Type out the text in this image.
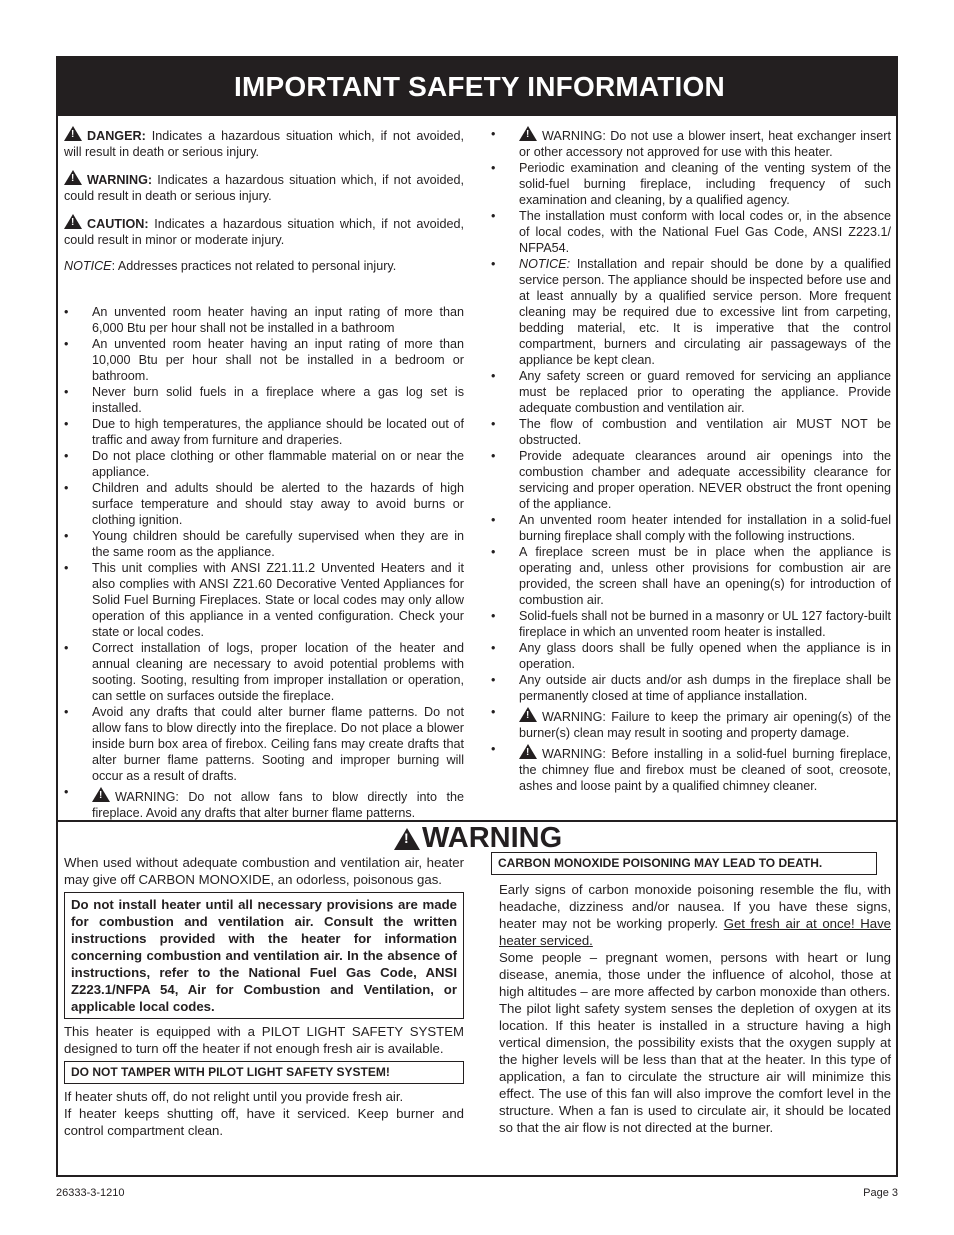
IMPORTANT SAFETY INFORMATION

!DANGER: Indicates a hazardous situation which, if not avoided, will result in death or serious injury.

!WARNING: Indicates a hazardous situation which, if not avoided, could result in death or serious injury.

!CAUTION: Indicates a hazardous situation which, if not avoided, could result in minor or moderate injury.

NOTICE: Addresses practices not related to personal injury.

• An unvented room heater having an input rating of more than 6,000 Btu per hour shall not be installed in a bathroom
• An unvented room heater having an input rating of more than 10,000 Btu per hour shall not be installed in a bedroom or bathroom.
• Never burn solid fuels in a fireplace where a gas log set is installed.
• Due to high temperatures, the appliance should be located out of traffic and away from furniture and draperies.
• Do not place clothing or other flammable material on or near the appliance.
• Children and adults should be alerted to the hazards of high surface temperature and should stay away to avoid burns or clothing ignition.
• Young children should be carefully supervised when they are in the same room as the appliance.
• This unit complies with ANSI Z21.11.2 Unvented Heaters and it also complies with ANSI Z21.60 Decorative Vented Appliances for Solid Fuel Burning Fireplaces. State or local codes may only allow operation of this appliance in a vented configuration. Check your state or local codes.
• Correct installation of logs, proper location of the heater and annual cleaning are necessary to avoid potential problems with sooting. Sooting, resulting from improper installation or operation, can settle on surfaces outside the fireplace.
• Avoid any drafts that could alter burner flame patterns. Do not allow fans to blow directly into the fireplace. Do not place a blower inside burn box area of firebox. Ceiling fans may create drafts that alter burner flame patterns. Sooting and improper burning will occur as a result of drafts.
!• WARNING: Do not allow fans to blow directly into the fireplace. Avoid any drafts that alter burner flame patterns.
!• WARNING: Do not use a blower insert, heat exchanger insert or other accessory not approved for use with this heater.
• Periodic examination and cleaning of the venting system of the solid-fuel burning fireplace, including frequency of such examination and cleaning, by a qualified agency.
• The installation must conform with local codes or, in the absence of local codes, with the National Fuel Gas Code, ANSI Z223.1/ NFPA54.
• NOTICE: Installation and repair should be done by a qualified service person. The appliance should be inspected before use and at least annually by a qualified service person. More frequent cleaning may be required due to excessive lint from carpeting, bedding material, etc. It is imperative that the control compartment, burners and circulating air passageways of the appliance be kept clean.
• Any safety screen or guard removed for servicing an appliance must be replaced prior to operating the appliance. Provide adequate combustion and ventilation air.
• The flow of combustion and ventilation air MUST NOT be obstructed.
• Provide adequate clearances around air openings into the combustion chamber and adequate accessibility clearance for servicing and proper operation. NEVER obstruct the front opening of the appliance.
• An unvented room heater intended for installation in a solid-fuel burning fireplace shall comply with the following instructions.
• A fireplace screen must be in place when the appliance is operating and, unless other provisions for combustion air are provided, the screen shall have an opening(s) for introduction of combustion air.
• Solid-fuels shall not be burned in a masonry or UL 127 factory-built fireplace in which an unvented room heater is installed.
• Any glass doors shall be fully opened when the appliance is in operation.
• Any outside air ducts and/or ash dumps in the fireplace shall be permanently closed at time of appliance installation.
!• WARNING: Failure to keep the primary air opening(s) of the burner(s) clean may result in sooting and property damage.
!• WARNING: Before installing in a solid-fuel burning fireplace, the chimney flue and firebox must be cleaned of soot, creosote, ashes and loose paint by a qualified chimney cleaner.
!
WARNING

When used without adequate combustion and ventilation air, heater may give off CARBON MONOXIDE, an odorless, poisonous gas.

Do not install heater until all necessary provisions are made for combustion and ventilation air. Consult the written instructions provided with the heater for information concerning combustion and ventilation air. In the absence of instructions, refer to the National Fuel Gas Code, ANSI Z223.1/NFPA 54, Air for Combustion and Ventilation, or applicable local codes.

This heater is equipped with a PILOT LIGHT SAFETY SYSTEM designed to turn off the heater if not enough fresh air is available.

DO NOT TAMPER WITH PILOT LIGHT SAFETY SYSTEM!

If heater shuts off, do not relight until you provide fresh air.

If heater keeps shutting off, have it serviced. Keep burner and control compartment clean.

CARBON MONOXIDE POISONING MAY LEAD TO DEATH.

Early signs of carbon monoxide poisoning resemble the flu, with headache, dizziness and/or nausea. If you have these signs, heater may not be working properly. Get fresh air at once! Have heater serviced.

Some people – pregnant women, persons with heart or lung disease, anemia, those under the influence of alcohol, those at high altitudes – are more affected by carbon monoxide than others.

The pilot light safety system senses the depletion of oxygen at its location. If this heater is installed in a structure having a high vertical dimension, the possibility exists that the oxygen supply at the higher levels will be less than that at the heater. In this type of application, a fan to circulate the structure air will minimize this effect. The use of this fan will also improve the comfort level in the structure. When a fan is used to circulate air, it should be located so that the air flow is not directed at the burner.

26333-3-1210	Page 3
